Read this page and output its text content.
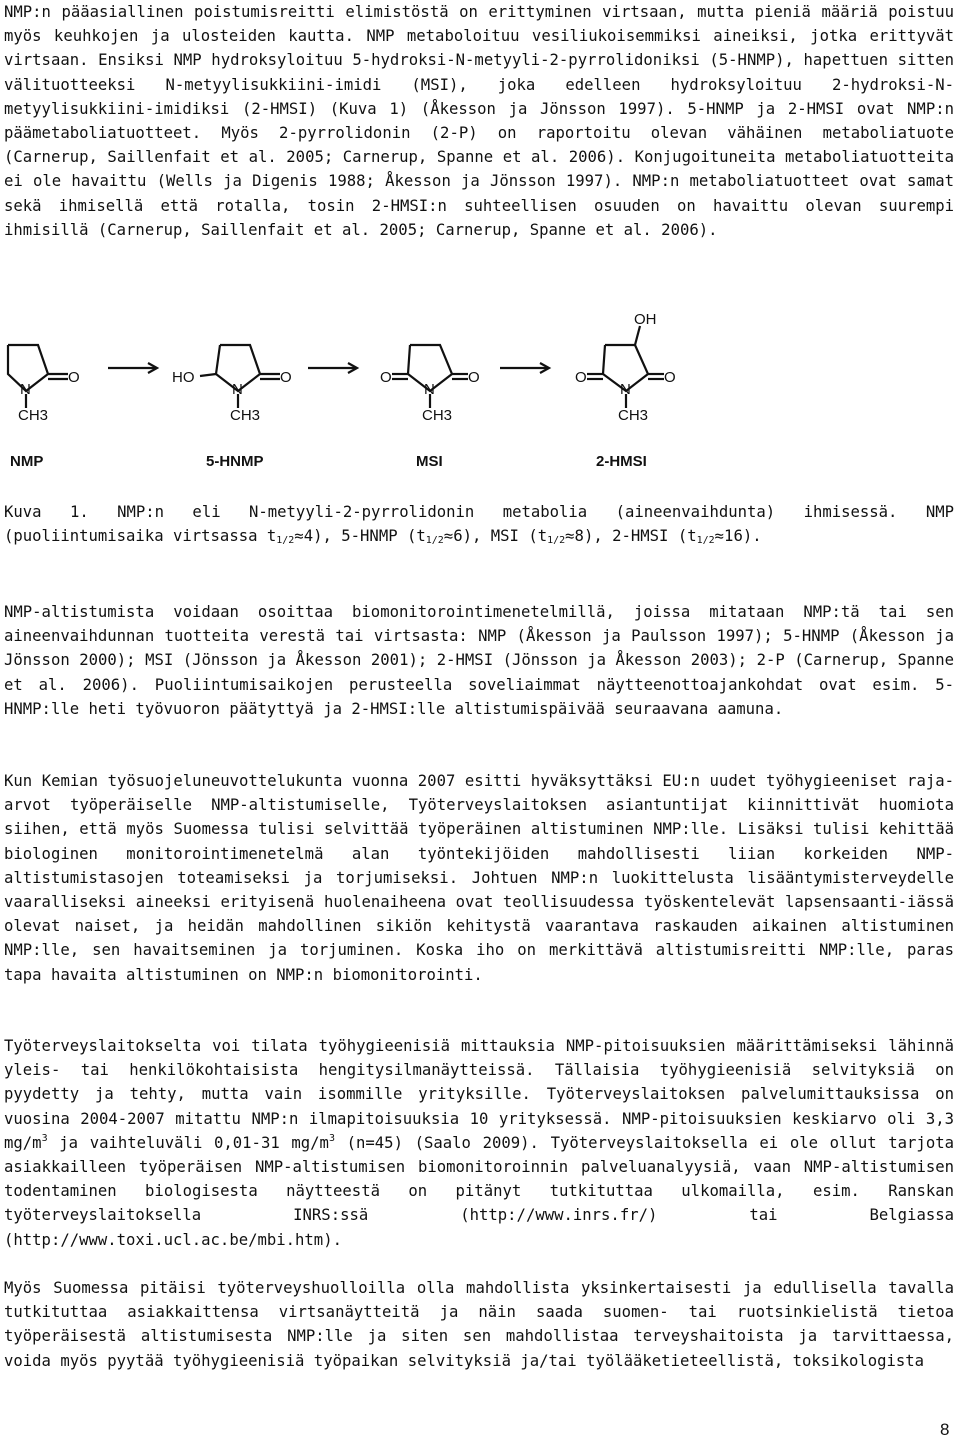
NMP:n pääasiallinen poistumisreitti elimistöstä on erittyminen virtsaan, mutta pieniä määriä poistuu myös keuhkojen ja ulosteiden kautta. NMP metaboloituu vesiliukoisemmiksi aineiksi, jotka erittyvät virtsaan. Ensiksi NMP hydroksyloituu 5-hydroksi-N-metyyli-2-pyrrolidoniksi (5-HNMP), hapettuen sitten välituotteeksi N-metyylisukkiini-imidi (MSI), joka edelleen hydroksyloituu 2-hydroksi-N-metyylisukkiini-imidiksi (2-HMSI) (Kuva 1) (Åkesson ja Jönsson 1997). 5-HNMP ja 2-HMSI ovat NMP:n päämetaboliatuotteet. Myös 2-pyrrolidonin (2-P) on raportoitu olevan vähäinen metaboliatuote (Carnerup, Saillenfait et al. 2005; Carnerup, Spanne et al. 2006). Konjugoituneita metaboliatuotteita ei ole havaittu (Wells ja Digenis 1988; Åkesson ja Jönsson 1997). NMP:n metaboliatuotteet ovat samat sekä ihmisellä että rotalla, tosin 2-HMSI:n suhteellisen osuuden on havaittu olevan suurempi ihmisillä (Carnerup, Saillenfait et al. 2005; Carnerup, Spanne et al. 2006).

N
O
CH3
HO
N
O
CH3
O
N
O
CH3
OH
O
N
O
CH3
NMP	5-HNMP	MSI	2-HMSI

Kuva 1. NMP:n eli N-metyyli-2-pyrrolidonin metabolia (aineenvaihdunta) ihmisessä. NMP (puoliintumisaika virtsassa $t_{1/2}\approx 4$), 5-HNMP $(t_{1/2}\approx 6)$, MSI $(t_{1/2}\approx 8)$, 2-HMSI $(t_{1/2}\approx 16)$.

NMP-altistumista voidaan osoittaa biomonitorointimenetelmillä, joissa mitataan NMP:tä tai sen aineenvaihdunnan tuotteita verestä tai virtsasta: NMP (Åkesson ja Paulsson 1997); 5-HNMP (Åkesson ja Jönsson 2000); MSI (Jönsson ja Åkesson 2001); 2-HMSI (Jönsson ja Åkesson 2003); 2-P (Carnerup, Spanne et al. 2006). Puoliintumisaikojen perusteella soveliaimmat näytteenottoajankohdat ovat esim. 5-HNMP:lle heti työvuoron päätyttyä ja 2-HMSI:lle altistumispäivää seuraavana aamuna.

Kun Kemian työsuojeluneuvottelukunta vuonna 2007 esitti hyväksyttäksi EU:n uudet työhygieeniset raja-arvot työperäiselle NMP-altistumiselle, Työterveyslaitoksen asiantuntijat kiinnittivät huomiota siihen, että myös Suomessa tulisi selvittää työperäinen altistuminen NMP:lle. Lisäksi tulisi kehittää biologinen monitorointimenetelmä alan työntekijöiden mahdollisesti liian korkeiden NMP-altistumistasojen toteamiseksi ja torjumiseksi. Johtuen NMP:n luokittelusta lisääntymisterveydelle vaaralliseksi aineeksi erityisenä huolenaiheena ovat teollisuudessa työskentelevät lapsensaanti-iässä olevat naiset, ja heidän mahdollinen sikiön kehitystä vaarantava raskauden aikainen altistuminen NMP:lle, sen havaitseminen ja torjuminen. Koska iho on merkittävä altistumisreitti NMP:lle, paras tapa havaita altistuminen on NMP:n biomonitorointi.

Työterveyslaitokselta voi tilata työhygieenisiä mittauksia NMP-pitoisuuksien määrittämiseksi lähinnä yleis- tai henkilökohtaisista hengitysilmanäytteissä. Tällaisia työhygieenisiä selvityksiä on pyydetty ja tehty, mutta vain isommille yrityksille. Työterveyslaitoksen palvelumittauksissa on vuosina 2004-2007 mitattu NMP:n ilmapitoisuuksia 10 yrityksessä. NMP-pitoisuuksien keskiarvo oli 3,3 $mg/m^3$ ja vaihteluväli 0,01-31 $mg/m^3$ (n=45) (Saalo 2009). Työterveyslaitoksella ei ole ollut tarjota asiakkailleen työperäisen NMP-altistumisen biomonitoroinnin palveluanalyysiä, vaan NMP-altistumisen todentaminen biologisesta näytteestä on pitänyt tutkituttaa ulkomailla, esim. Ranskan työterveyslaitoksella INRS:ssä (http://www.inrs.fr/) tai Belgiassa (http://www.toxi.ucl.ac.be/mbi.htm).

Myös Suomessa pitäisi työterveyshuolloilla olla mahdollista yksinkertaisesti ja edullisella tavalla tutkituttaa asiakkaittensa virtsanäytteitä ja näin saada suomen- tai ruotsinkielistä tietoa työperäisestä altistumisesta NMP:lle ja siten sen mahdollistaa terveyshaitoista ja tarvittaessa, voida myös pyytää työhygieenisiä työpaikan selvityksiä ja/tai työlääketieteellistä, toksikologista

8
